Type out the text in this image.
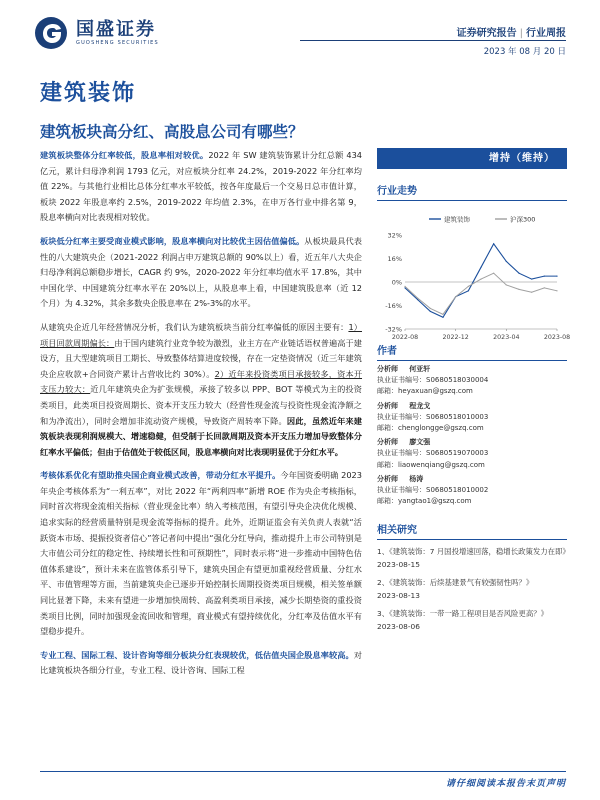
国盛证券
GUOSHENG SECURITIES
证券研究报告 | 行业周报
2023 年 08 月 20 日
建筑装饰
建筑板块高分红、高股息公司有哪些？

建筑板块整体分红率较低，股息率相对较优。2022 年 SW 建筑装饰累计分红总额 434 亿元，累计归母净利润 1793 亿元，对应板块分红率 24.2%，2019-2022 年分红率均值 22%。与其他行业相比总体分红率水平较低，按各年度最后一个交易日总市值计算，板块 2022 年股息率约 2.5%，2019-2022 年均值 2.3%，在申万各行业中排名第 9，股息率横向对比表现相对较优。

板块低分红率主要受商业模式影响，股息率横向对比较优主因估值偏低。从板块最具代表性的八大建筑央企（2021-2022 利润占申万建筑总额的 90%以上）看，近五年八大央企归母净利润总额稳步增长，CAGR 约 9%，2020-2022 年分红率均值水平 17.8%，其中中国化学、中国建筑分红率水平在 20%以上，从股息率上看，中国建筑股息率（近 12 个月）为 4.32%，其余多数央企股息率在 2%-3%的水平。

从建筑央企近几年经营情况分析，我们认为建筑板块当前分红率偏低的原因主要有：1）项目回款周期偏长：由于国内建筑行业竞争较为激烈，业主方在产业链话语权普遍高于建设方，且大型建筑项目工期长、导致整体结算进度较慢，存在一定垫资情况（近三年建筑央企应收款+合同资产累计占营收比约 30%）。2）近年来投资类项目承接较多，资本开支压力较大：近几年建筑央企为扩张规模，承接了较多以 PPP、BOT 等模式为主的投资类项目，此类项目投资周期长、资本开支压力较大（经营性现金流与投资性现金流净额之和为净流出），同时会增加非流动资产规模，导致资产周转率下降。因此，虽然近年来建筑板块表现利润规模大、增速稳健，但受制于长回款周期及资本开支压力增加导致整体分红率水平偏低；但由于估值处于较低区间，股息率横向对比表现明显优于分红水平。

考核体系优化有望助推央国企商业模式改善，带动分红水平提升。今年国资委明确 2023 年央企考核体系为“一利五率”，对比 2022 年“两利四率”新增 ROE 作为央企考核指标，同时首次将现金流相关指标（营业现金比率）纳入考核范围，有望引导央企决优化规模、追求实际的经营质量特别是现金流等指标的提升。此外，近期证监会有关负责人表就“活跃资本市场、提振投资者信心”答记者问中提出“强化分红导向，推动提升上市公司特别是大市值公司分红的稳定性、持续增长性和可预期性”，同时表示将“进一步推动中国特色估值体系建设”，预计未来在监管体系引导下，建筑央国企有望更加重视经营质量、分红水平、市值管理等方面，当前建筑央企已逐步开始控制长周期投资类项目规模，相关签单额同比显著下降，未来有望进一步增加快周转、高盈利类项目承接，减少长期垫资的重投资类项目比例，同时加强现金流回收和管理，商业模式有望持续优化，分红率及估值水平有望稳步提升。

专业工程、国际工程、设计咨询等细分板块分红表现较优，低估值央国企股息率较高。对比建筑板块各细分行业，专业工程、设计咨询、国际工程

增持（维持）
行业走势
建筑装饰	沪深300
32%
16%
0%
-16%
-32%
2022-08	2022-12	2023-04	2023-08
作者
分析师 何亚轩
执业证书编号：S0680518030004
邮箱：heyaxuan@gszq.com
分析师 程龙戈
执业证书编号：S0680518010003
邮箱：chenglongge@gszq.com
分析师 廖文强
执业证书编号：S0680519070003
邮箱：liaowenqiang@gszq.com
分析师 杨涛
执业证书编号：S0680518010002
邮箱：yangtao1@gszq.com
相关研究
1、《建筑装饰：7 月国投增速回落，稳增长政策发力在即》
2023-08-15
2、《建筑装饰：后续基建景气有较强韧性吗？》
2023-08-13
3、《建筑装饰：一带一路工程项目是否风险更高？》
2023-08-06
请仔细阅读本报告末页声明
